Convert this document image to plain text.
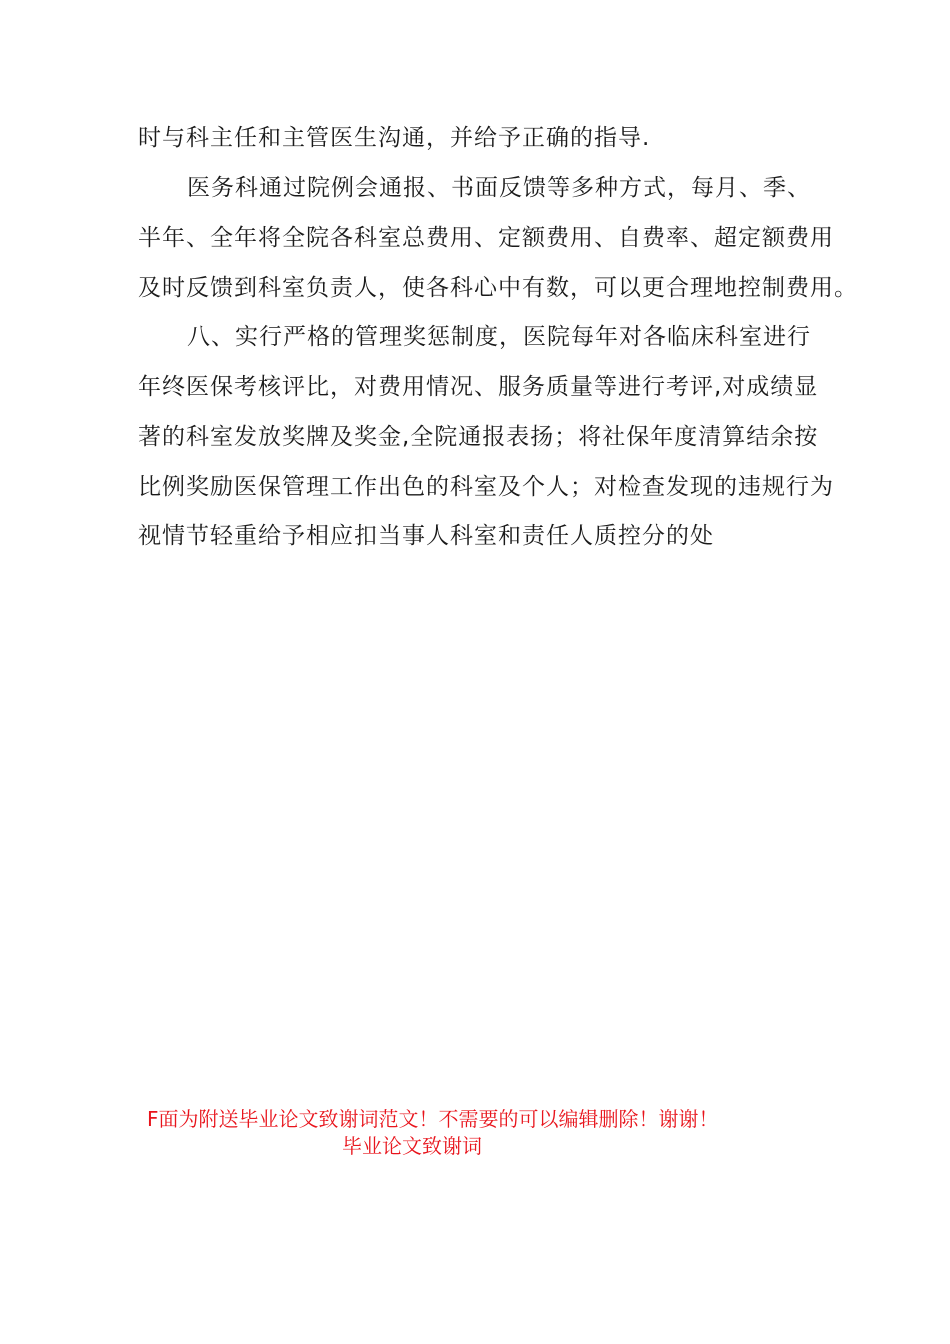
时与科主任和主管医生沟通，并给予正确的指导.
医务科通过院例会通报、书面反馈等多种方式，每月、季、
半年、全年将全院各科室总费用、定额费用、自费率、超定额费用
及时反馈到科室负责人，使各科心中有数，可以更合理地控制费用。
八、实行严格的管理奖惩制度，医院每年对各临床科室进行
年终医保考核评比，对费用情况、服务质量等进行考评,对成绩显
著的科室发放奖牌及奖金,全院通报表扬；将社保年度清算结余按
比例奖励医保管理工作出色的科室及个人；对检查发现的违规行为
视情节轻重给予相应扣当事人科室和责任人质控分的处
F面为附送毕业论文致谢词范文！不需要的可以编辑删除！谢谢！
毕业论文致谢词
